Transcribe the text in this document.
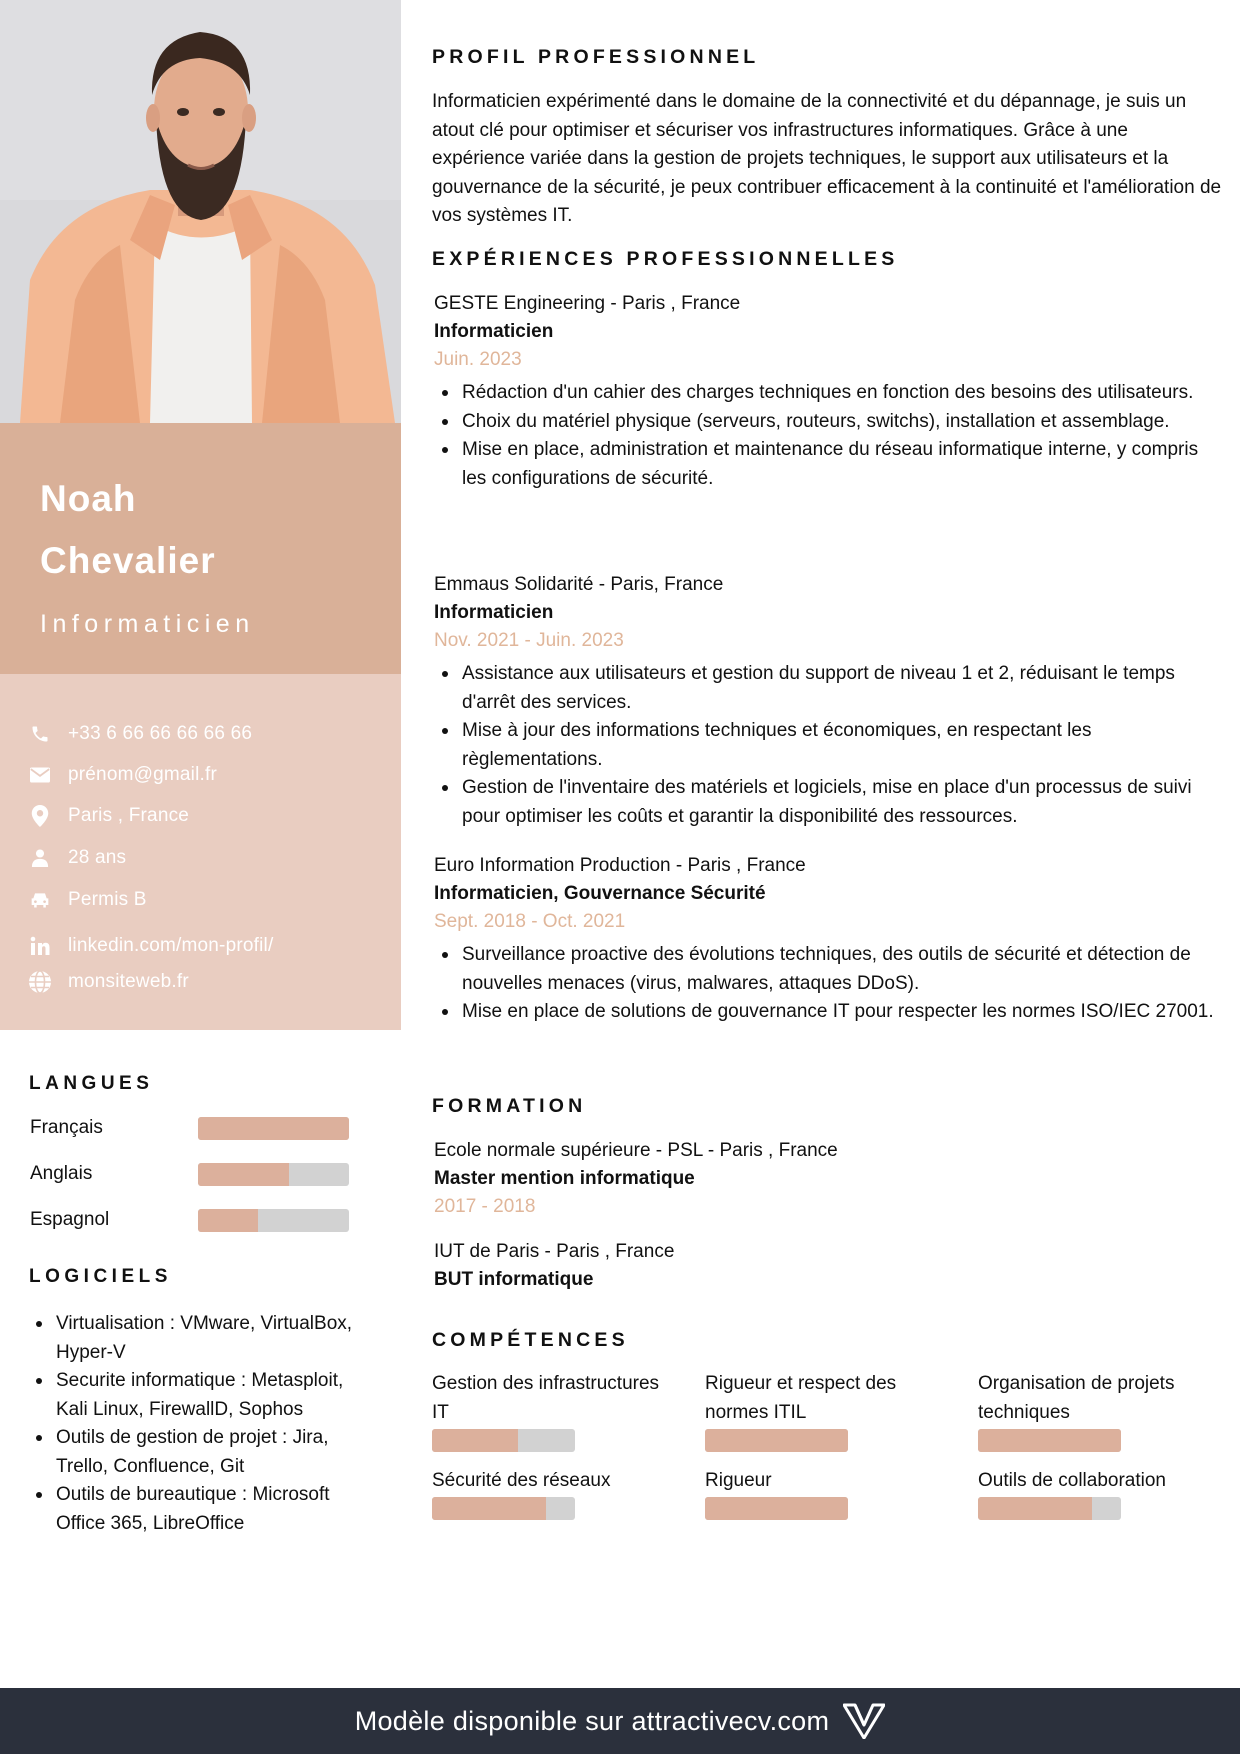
Noah
Chevalier
Informaticien
+33 6 66 66 66 66 66
prénom@gmail.fr
Paris , France
28 ans
Permis B
linkedin.com/mon-profil/
monsiteweb.fr
LANGUES
Français
Anglais
Espagnol
LOGICIELS
Virtualisation : VMware, VirtualBox, Hyper-V
Securite informatique : Metasploit, Kali Linux, FirewallD, Sophos
Outils de gestion de projet : Jira, Trello, Confluence, Git
Outils de bureautique : Microsoft Office 365, LibreOffice
PROFIL PROFESSIONNEL

Informaticien expérimenté dans le domaine de la connectivité et du dépannage, je suis un atout clé pour optimiser et sécuriser vos infrastructures informatiques. Grâce à une expérience variée dans la gestion de projets techniques, le support aux utilisateurs et la gouvernance de la sécurité, je peux contribuer efficacement à la continuité et l'amélioration de vos systèmes IT.

EXPÉRIENCES PROFESSIONNELLES
GESTE Engineering - Paris , France
Informaticien
Juin. 2023
Rédaction d'un cahier des charges techniques en fonction des besoins des utilisateurs.
Choix du matériel physique (serveurs, routeurs, switchs), installation et assemblage.
Mise en place, administration et maintenance du réseau informatique interne, y compris les configurations de sécurité.
Emmaus Solidarité - Paris, France
Informaticien
Nov. 2021 - Juin. 2023
Assistance aux utilisateurs et gestion du support de niveau 1 et 2, réduisant le temps d'arrêt des services.
Mise à jour des informations techniques et économiques, en respectant les règlementations.
Gestion de l'inventaire des matériels et logiciels, mise en place d'un processus de suivi pour optimiser les coûts et garantir la disponibilité des ressources.
Euro Information Production - Paris , France
Informaticien, Gouvernance Sécurité
Sept. 2018 - Oct. 2021
Surveillance proactive des évolutions techniques, des outils de sécurité et détection de nouvelles menaces (virus, malwares, attaques DDoS).
Mise en place de solutions de gouvernance IT pour respecter les normes ISO/IEC 27001.
FORMATION
Ecole normale supérieure - PSL - Paris , France
Master mention informatique
2017 - 2018
IUT de Paris - Paris , France
BUT informatique
COMPÉTENCES
Gestion des infrastructures IT
Rigueur et respect des normes ITIL
Organisation de projets techniques
Sécurité des réseaux	Rigueur	Outils de collaboration
Modèle disponible sur attractivecv.com
